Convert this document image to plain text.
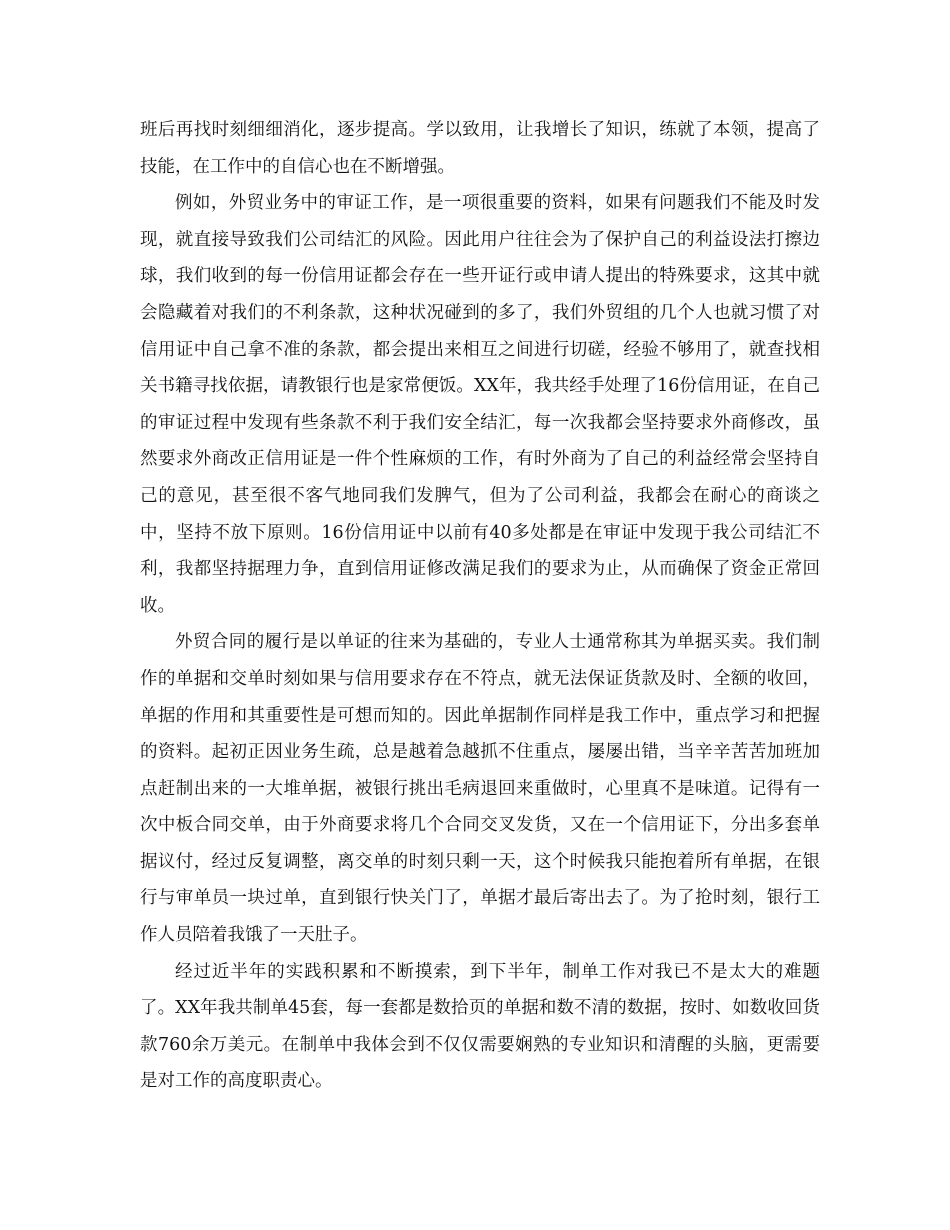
班后再找时刻细细消化，逐步提高。学以致用，让我增长了知识，练就了本领，提高了技能，在工作中的自信心也在不断增强。

例如，外贸业务中的审证工作，是一项很重要的资料，如果有问题我们不能及时发现，就直接导致我们公司结汇的风险。因此用户往往会为了保护自己的利益设法打擦边球，我们收到的每一份信用证都会存在一些开证行或申请人提出的特殊要求，这其中就会隐藏着对我们的不利条款，这种状况碰到的多了，我们外贸组的几个人也就习惯了对信用证中自己拿不准的条款，都会提出来相互之间进行切磋，经验不够用了，就查找相关书籍寻找依据，请教银行也是家常便饭。XX年，我共经手处理了16份信用证，在自己的审证过程中发现有些条款不利于我们安全结汇，每一次我都会坚持要求外商修改，虽然要求外商改正信用证是一件个性麻烦的工作，有时外商为了自己的利益经常会坚持自己的意见，甚至很不客气地同我们发脾气，但为了公司利益，我都会在耐心的商谈之中，坚持不放下原则。16份信用证中以前有40多处都是在审证中发现于我公司结汇不利，我都坚持据理力争，直到信用证修改满足我们的要求为止，从而确保了资金正常回收。

外贸合同的履行是以单证的往来为基础的，专业人士通常称其为单据买卖。我们制作的单据和交单时刻如果与信用要求存在不符点，就无法保证货款及时、全额的收回，单据的作用和其重要性是可想而知的。因此单据制作同样是我工作中，重点学习和把握的资料。起初正因业务生疏，总是越着急越抓不住重点，屡屡出错，当辛辛苦苦加班加点赶制出来的一大堆单据，被银行挑出毛病退回来重做时，心里真不是味道。记得有一次中板合同交单，由于外商要求将几个合同交叉发货，又在一个信用证下，分出多套单据议付，经过反复调整，离交单的时刻只剩一天，这个时候我只能抱着所有单据，在银行与审单员一块过单，直到银行快关门了，单据才最后寄出去了。为了抢时刻，银行工作人员陪着我饿了一天肚子。

经过近半年的实践积累和不断摸索，到下半年，制单工作对我已不是太大的难题了。XX年我共制单45套，每一套都是数拾页的单据和数不清的数据，按时、如数收回货款760余万美元。在制单中我体会到不仅仅需要娴熟的专业知识和清醒的头脑，更需要是对工作的高度职责心。
